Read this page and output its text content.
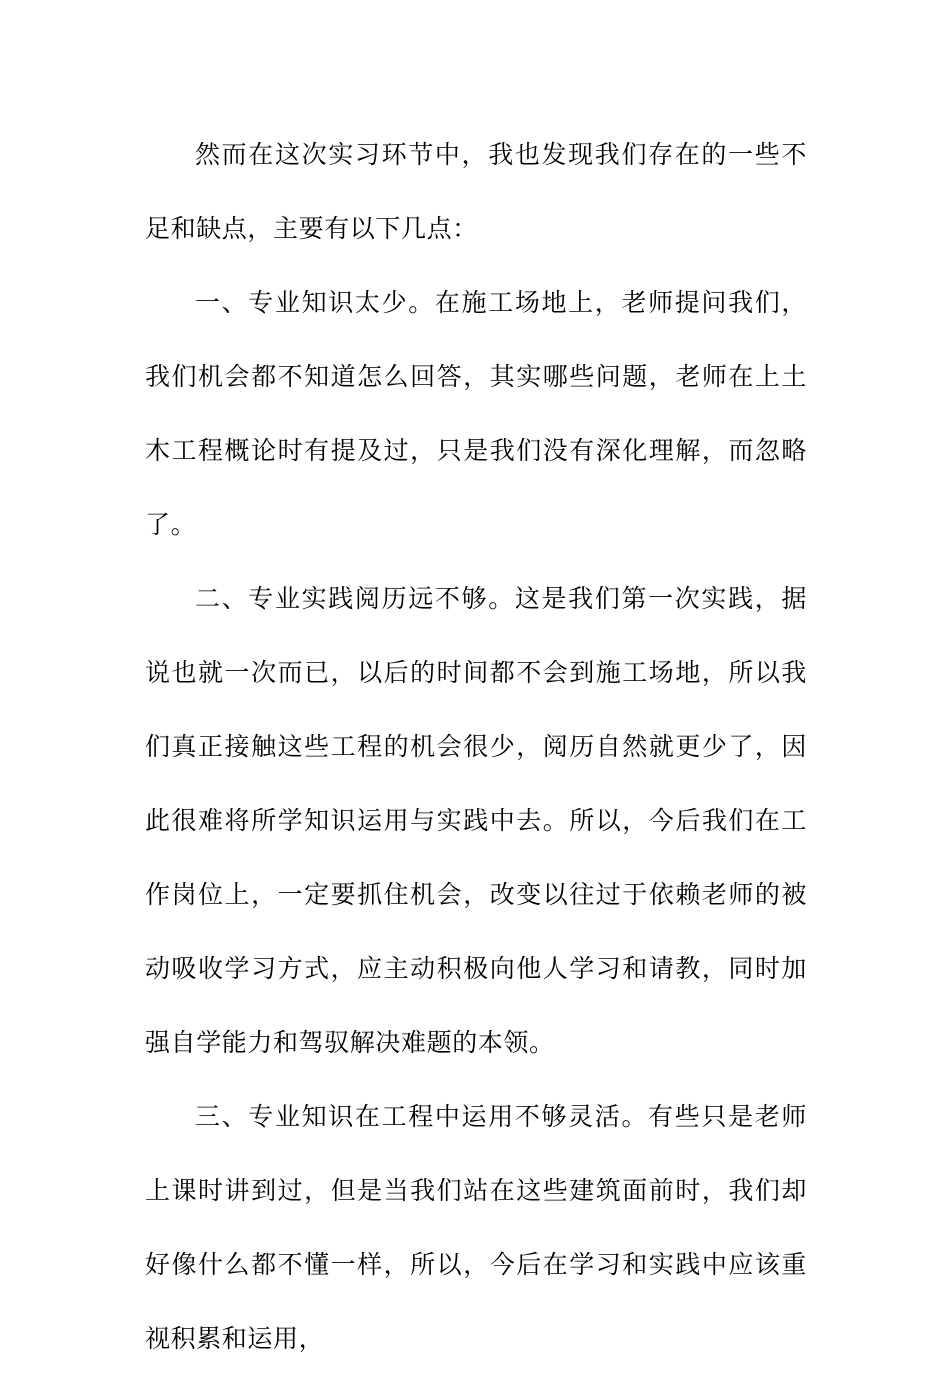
然而在这次实习环节中，我也发现我们存在的一些不足和缺点，主要有以下几点：

一、专业知识太少。在施工场地上，老师提问我们，我们机会都不知道怎么回答，其实哪些问题，老师在上土木工程概论时有提及过，只是我们没有深化理解，而忽略了。

二、专业实践阅历远不够。这是我们第一次实践，据说也就一次而已，以后的时间都不会到施工场地，所以我们真正接触这些工程的机会很少，阅历自然就更少了，因此很难将所学知识运用与实践中去。所以，今后我们在工作岗位上，一定要抓住机会，改变以往过于依赖老师的被动吸收学习方式，应主动积极向他人学习和请教，同时加强自学能力和驾驭解决难题的本领。

三、专业知识在工程中运用不够灵活。有些只是老师上课时讲到过，但是当我们站在这些建筑面前时，我们却好像什么都不懂一样，所以，今后在学习和实践中应该重视积累和运用，
